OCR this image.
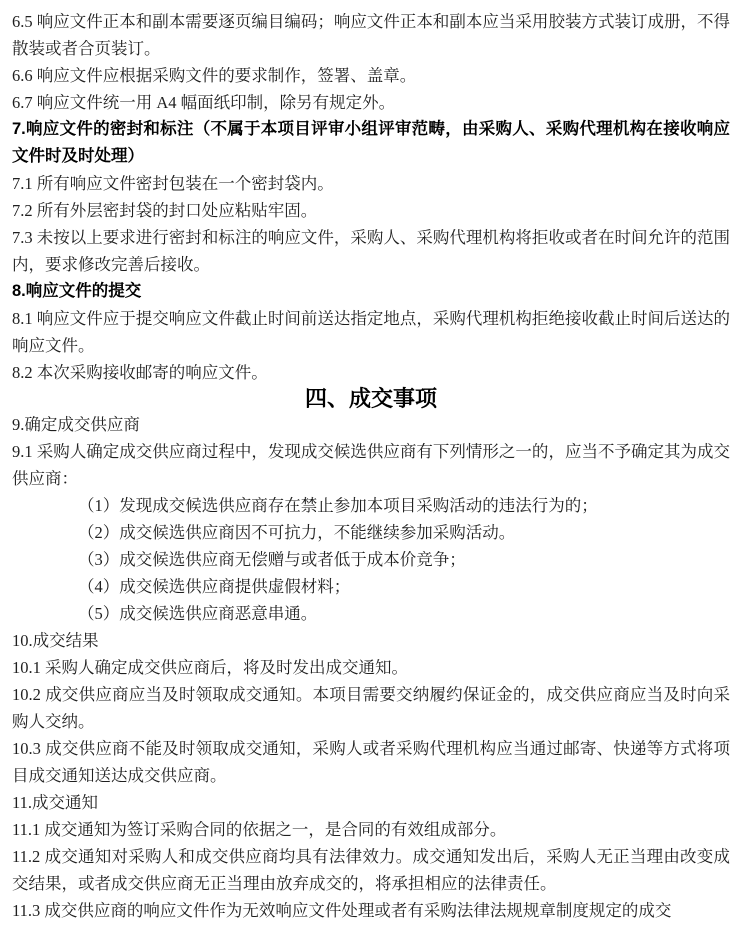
6.5 响应文件正本和副本需要逐页编目编码；响应文件正本和副本应当采用胶装方式装订成册，不得散装或者合页装订。

6.6 响应文件应根据采购文件的要求制作，签署、盖章。

6.7 响应文件统一用 A4 幅面纸印制，除另有规定外。

7.响应文件的密封和标注（不属于本项目评审小组评审范畴，由采购人、采购代理机构在接收响应文件时及时处理）

7.1 所有响应文件密封包装在一个密封袋内。

7.2 所有外层密封袋的封口处应粘贴牢固。

7.3 未按以上要求进行密封和标注的响应文件，采购人、采购代理机构将拒收或者在时间允许的范围内，要求修改完善后接收。

8.响应文件的提交

8.1 响应文件应于提交响应文件截止时间前送达指定地点，采购代理机构拒绝接收截止时间后送达的响应文件。

8.2 本次采购接收邮寄的响应文件。

四、成交事项

9.确定成交供应商

9.1 采购人确定成交供应商过程中，发现成交候选供应商有下列情形之一的，应当不予确定其为成交供应商：

（1）发现成交候选供应商存在禁止参加本项目采购活动的违法行为的；

（2）成交候选供应商因不可抗力，不能继续参加采购活动。

（3）成交候选供应商无偿赠与或者低于成本价竞争；

（4）成交候选供应商提供虚假材料；

（5）成交候选供应商恶意串通。

10.成交结果

10.1 采购人确定成交供应商后，将及时发出成交通知。

10.2 成交供应商应当及时领取成交通知。本项目需要交纳履约保证金的，成交供应商应当及时向采购人交纳。

10.3 成交供应商不能及时领取成交通知，采购人或者采购代理机构应当通过邮寄、快递等方式将项目成交通知送达成交供应商。

11.成交通知

11.1 成交通知为签订采购合同的依据之一，是合同的有效组成部分。

11.2 成交通知对采购人和成交供应商均具有法律效力。成交通知发出后，采购人无正当理由改变成交结果，或者成交供应商无正当理由放弃成交的，将承担相应的法律责任。

11.3 成交供应商的响应文件作为无效响应文件处理或者有采购法律法规规章制度规定的成交
